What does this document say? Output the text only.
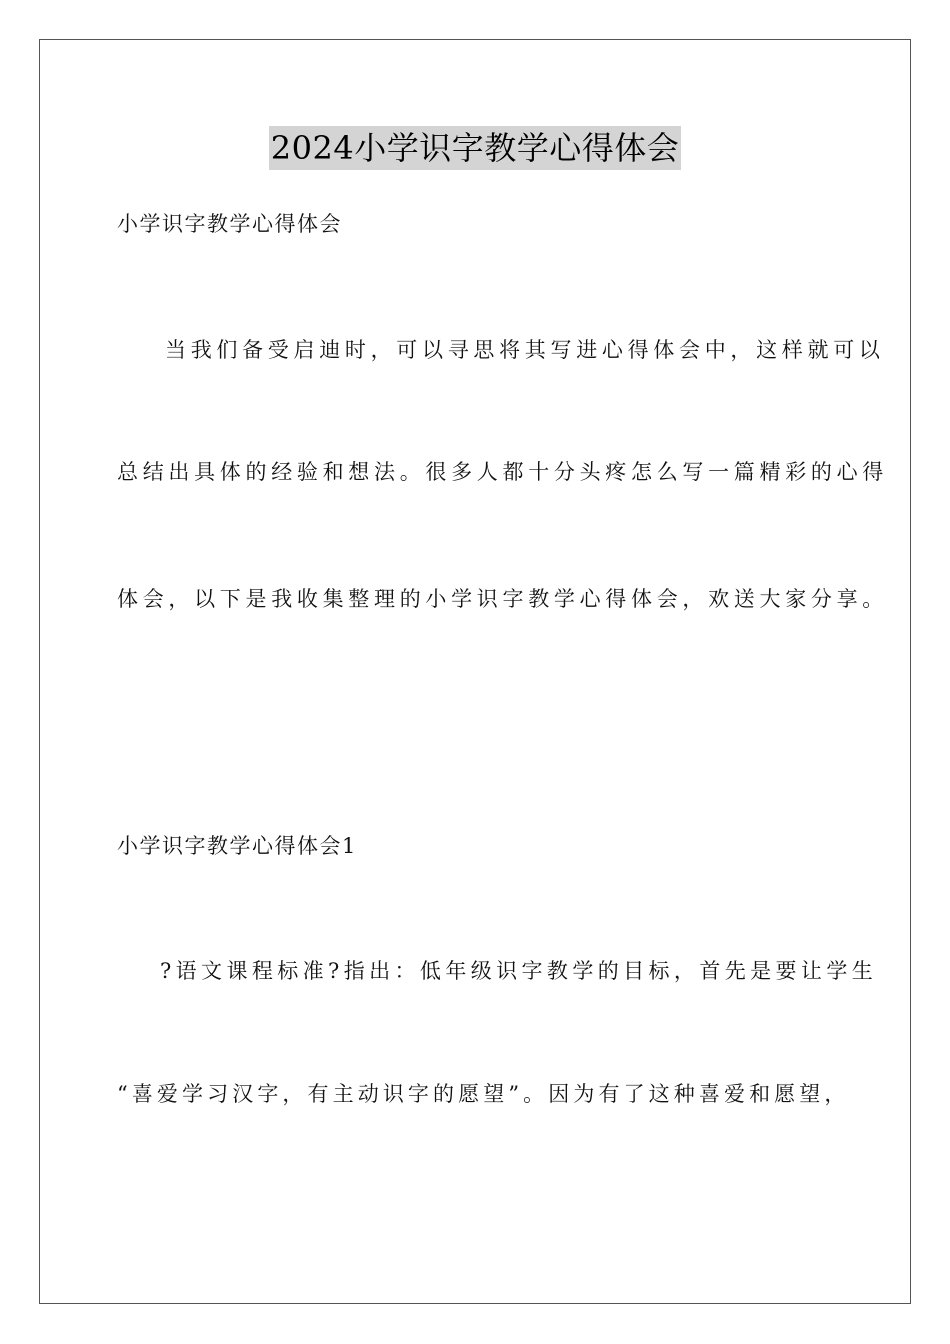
2024小学识字教学心得体会
小学识字教学心得体会
当我们备受启迪时，可以寻思将其写进心得体会中，这样就可以
总结出具体的经验和想法。很多人都十分头疼怎么写一篇精彩的心得
体会，以下是我收集整理的小学识字教学心得体会，欢送大家分享。
小学识字教学心得体会1
?语文课程标准?指出：低年级识字教学的目标，首先是要让学生
“喜爱学习汉字，有主动识字的愿望”。因为有了这种喜爱和愿望，
